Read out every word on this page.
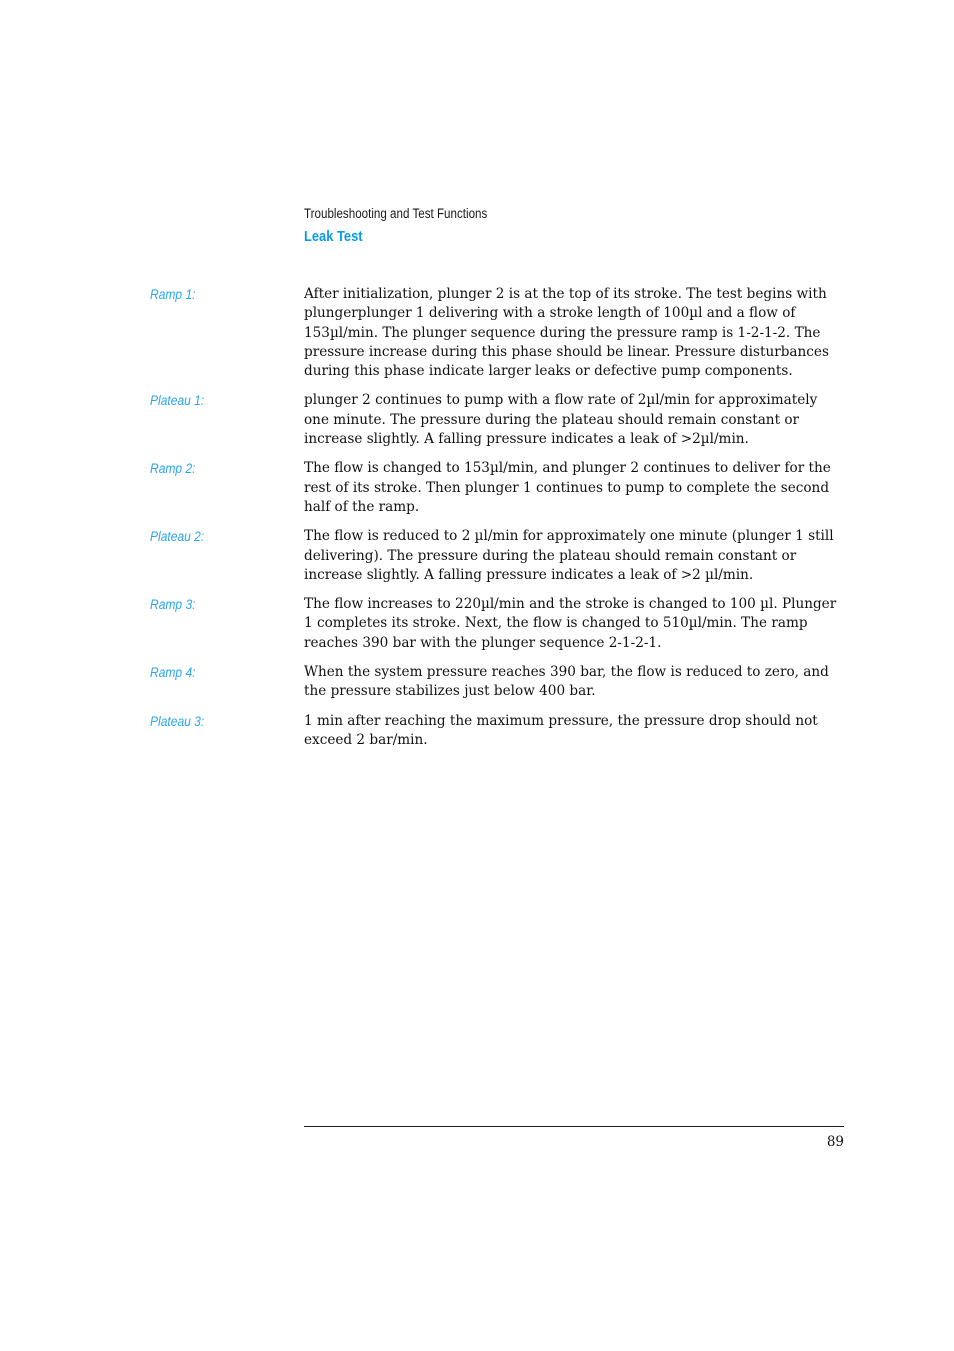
Troubleshooting and Test Functions
Leak Test
Ramp 1:	After initialization, plunger 2 is at the top of its stroke. The test begins with plungerplunger 1 delivering with a stroke length of 100µl and a flow of 153µl/min. The plunger sequence during the pressure ramp is 1-2-1-2. The pressure increase during this phase should be linear. Pressure disturbances during this phase indicate larger leaks or defective pump components.
Plateau 1:	plunger 2 continues to pump with a flow rate of 2µl/min for approximately one minute. The pressure during the plateau should remain constant or increase slightly. A falling pressure indicates a leak of >2µl/min.
Ramp 2:	The flow is changed to 153µl/min, and plunger 2 continues to deliver for the rest of its stroke. Then plunger 1 continues to pump to complete the second half of the ramp.
Plateau 2:	The flow is reduced to 2 µl/min for approximately one minute (plunger 1 still delivering). The pressure during the plateau should remain constant or increase slightly. A falling pressure indicates a leak of >2 µl/min.
Ramp 3:	The flow increases to 220µl/min and the stroke is changed to 100 µl. Plunger 1 completes its stroke. Next, the flow is changed to 510µl/min. The ramp reaches 390 bar with the plunger sequence 2-1-2-1.
Ramp 4:	When the system pressure reaches 390 bar, the flow is reduced to zero, and the pressure stabilizes just below 400 bar.
Plateau 3:	1 min after reaching the maximum pressure, the pressure drop should not exceed 2 bar/min.
89
